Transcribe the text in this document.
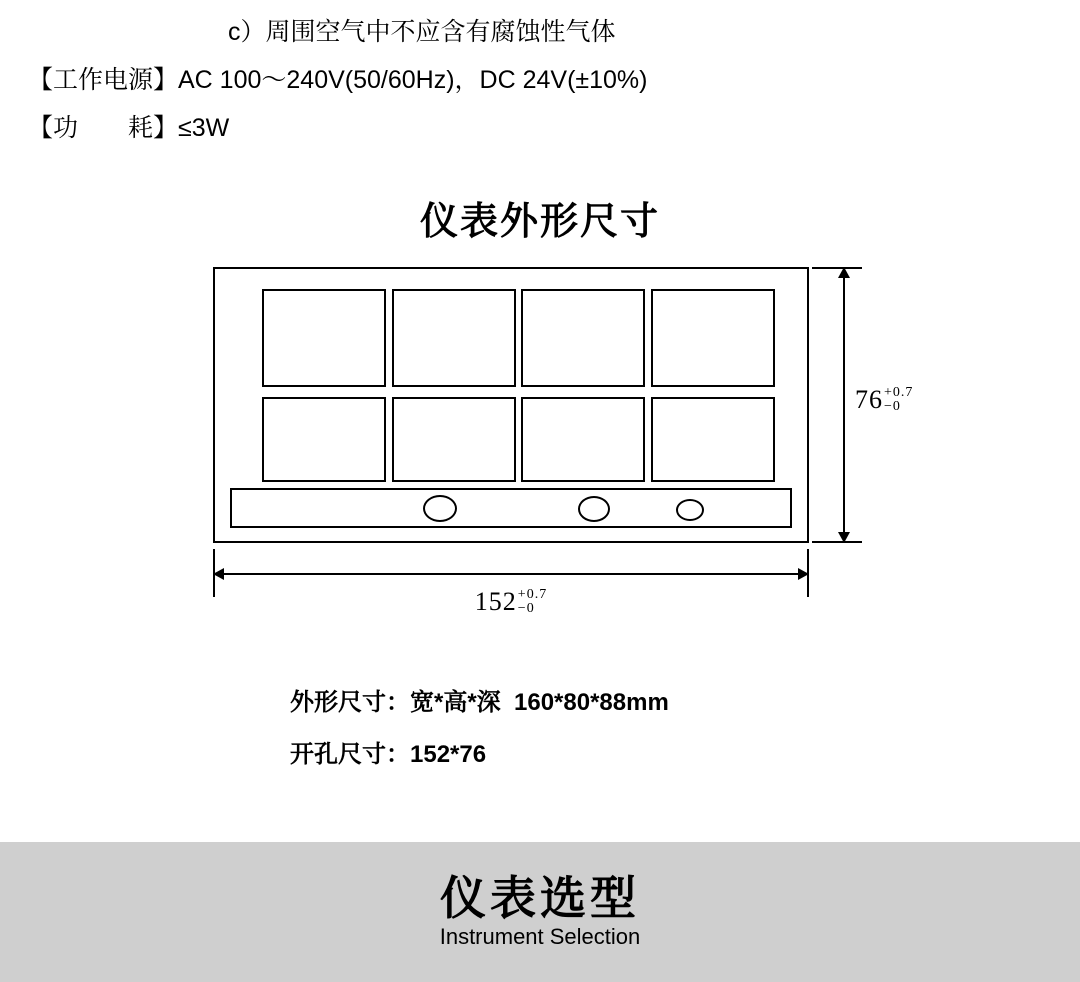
c）周围空气中不应含有腐蚀性气体
【工作电源】AC 100～240V(50/60Hz)，DC 24V(±10%)
【功　　耗】≤3W
仪表外形尺寸
76 +0.7
−0
152 +0.7
−0
外形尺寸：宽*高*深  160*80*88mm
开孔尺寸：152*76
仪表选型
Instrument Selection
